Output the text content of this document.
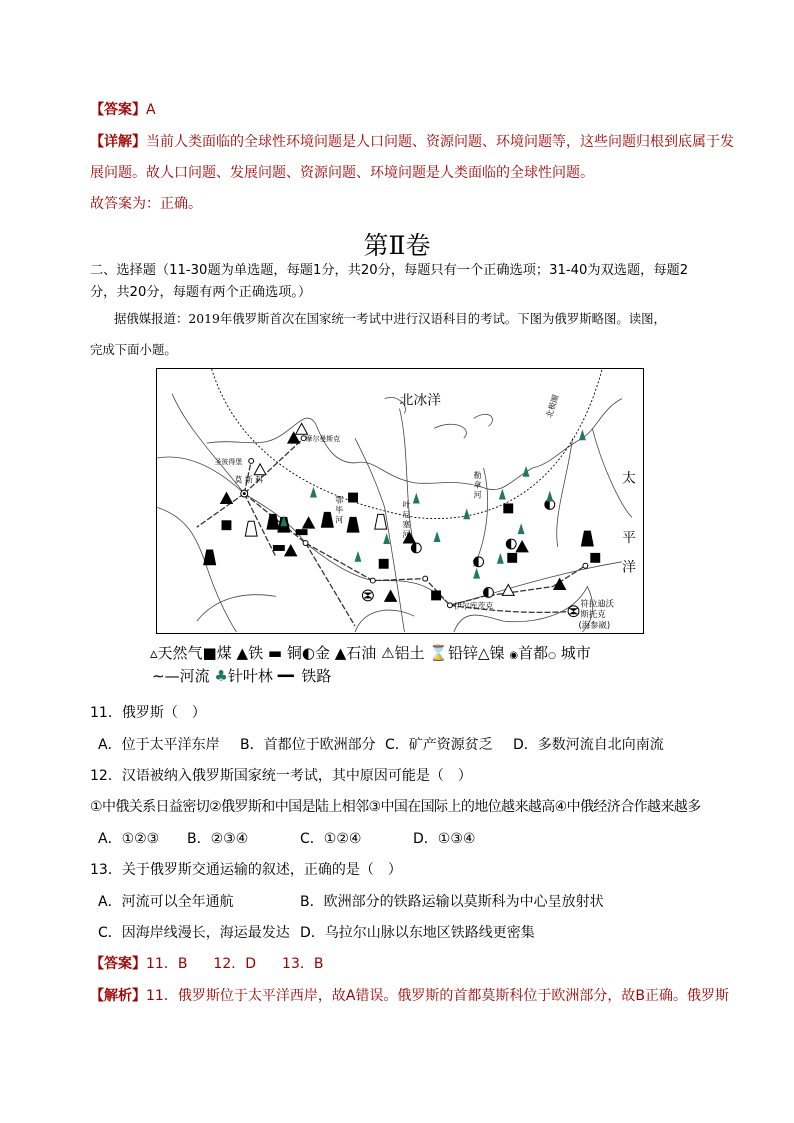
【答案】A
【详解】当前人类面临的全球性环境问题是人口问题、资源问题、环境问题等，这些问题归根到底属于发
展问题。故人口问题、发展问题、资源问题、环境问题是人类面临的全球性问题。
故答案为：正确。
第Ⅱ卷
二、选择题（11-30题为单选题，每题1分，共20分，每题只有一个正确选项；31-40为双选题，每题2
分，共20分，每题有两个正确选项。）
据俄媒报道：2019年俄罗斯首次在国家统一考试中进行汉语科目的考试。下图为俄罗斯略图。读图，
完成下面小题。
北冰洋	北极圈
太
平
洋
摩尔曼斯克
圣彼得堡
莫 斯 科
伊尔库茨克	符拉迪沃
斯托克
(海参崴)
鄂
毕
河
叶
尼
塞
河
勒
拿
河
▵天然气■煤 ▲铁 ▬ 铜◐金 ▲石油 ⚠铝土 ⌛铅锌△镍 ◉首都○ 城市
∼—河流 ♣针叶林 ━━ 铁路
11．俄罗斯（　）
A．位于太平洋东岸 B．首都位于欧洲部分 C．矿产资源贫乏 D．多数河流自北向南流
12．汉语被纳入俄罗斯国家统一考试，其中原因可能是（　）
①中俄关系日益密切②俄罗斯和中国是陆上相邻③中国在国际上的地位越来越高④中俄经济合作越来越多
A．①②③ B．②③④	C．①②④	D．①③④
13．关于俄罗斯交通运输的叙述，正确的是（　）
A．河流可以全年通航	B．欧洲部分的铁路运输以莫斯科为中心呈放射状
C．因海岸线漫长，海运最发达 D．乌拉尔山脉以东地区铁路线更密集
【答案】11．B 12．D 13．B
【解析】11．俄罗斯位于太平洋西岸，故A错误。俄罗斯的首都莫斯科位于欧洲部分，故B正确。俄罗斯
